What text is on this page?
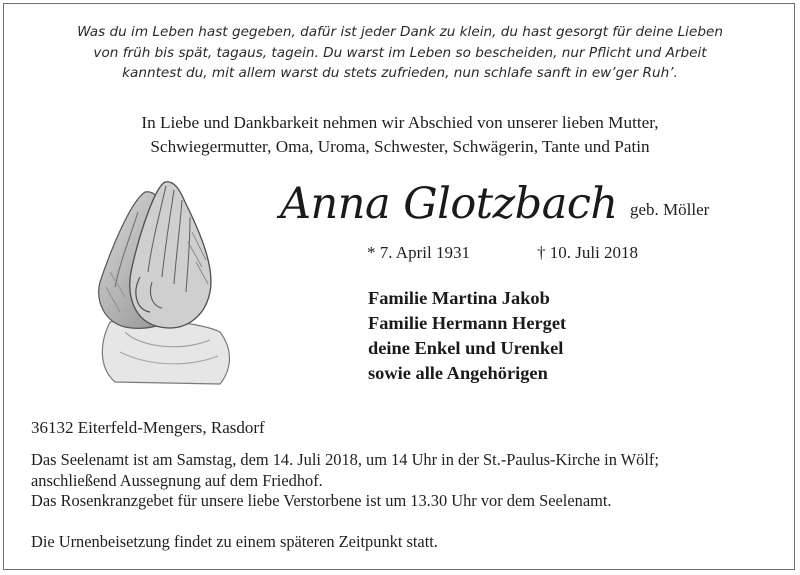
Was du im Leben hast gegeben, dafür ist jeder Dank zu klein, du hast gesorgt für deine Lieben
von früh bis spät, tagaus, tagein. Du warst im Leben so bescheiden, nur Pflicht und Arbeit
kanntest du, mit allem warst du stets zufrieden, nun schlafe sanft in ew’ger Ruh’.
In Liebe und Dankbarkeit nehmen wir Abschied von unserer lieben Mutter,
Schwiegermutter, Oma, Uroma, Schwester, Schwägerin, Tante und Patin
Anna Glotzbach geb. Möller
* 7. April 1931	† 10. Juli 2018
Familie Martina Jakob
Familie Hermann Herget
deine Enkel und Urenkel
sowie alle Angehörigen
36132 Eiterfeld-Mengers, Rasdorf
Das Seelenamt ist am Samstag, dem 14. Juli 2018, um 14 Uhr in der St.-Paulus-Kirche in Wölf;
anschließend Aussegnung auf dem Friedhof.
Das Rosenkranzgebet für unsere liebe Verstorbene ist um 13.30 Uhr vor dem Seelenamt.
Die Urnenbeisetzung findet zu einem späteren Zeitpunkt statt.
